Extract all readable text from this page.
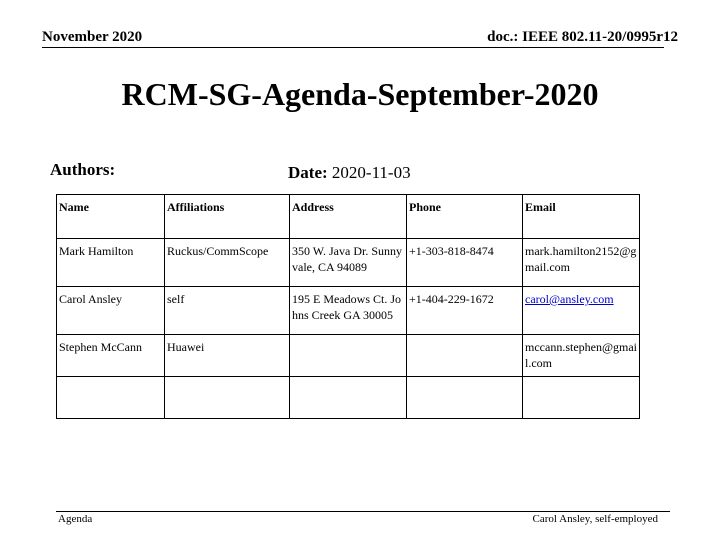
November 2020	doc.: IEEE 802.11-20/0995r12
RCM-SG-Agenda-September-2020
Authors:	Date: 2020-11-03
Name	Affiliations	Address	Phone	Email
Mark Hamilton	Ruckus/CommScope	350 W. Java Dr. Sunnyvale, CA 94089	+1-303-818-8474	mark.hamilton2152@gmail.com
Carol Ansley	self	195 E Meadows Ct. Johns Creek GA 30005	+1-404-229-1672	carol@ansley.com
Stephen McCann	Huawei			mccann.stephen@gmail.com

Agenda	Carol Ansley, self-employed
